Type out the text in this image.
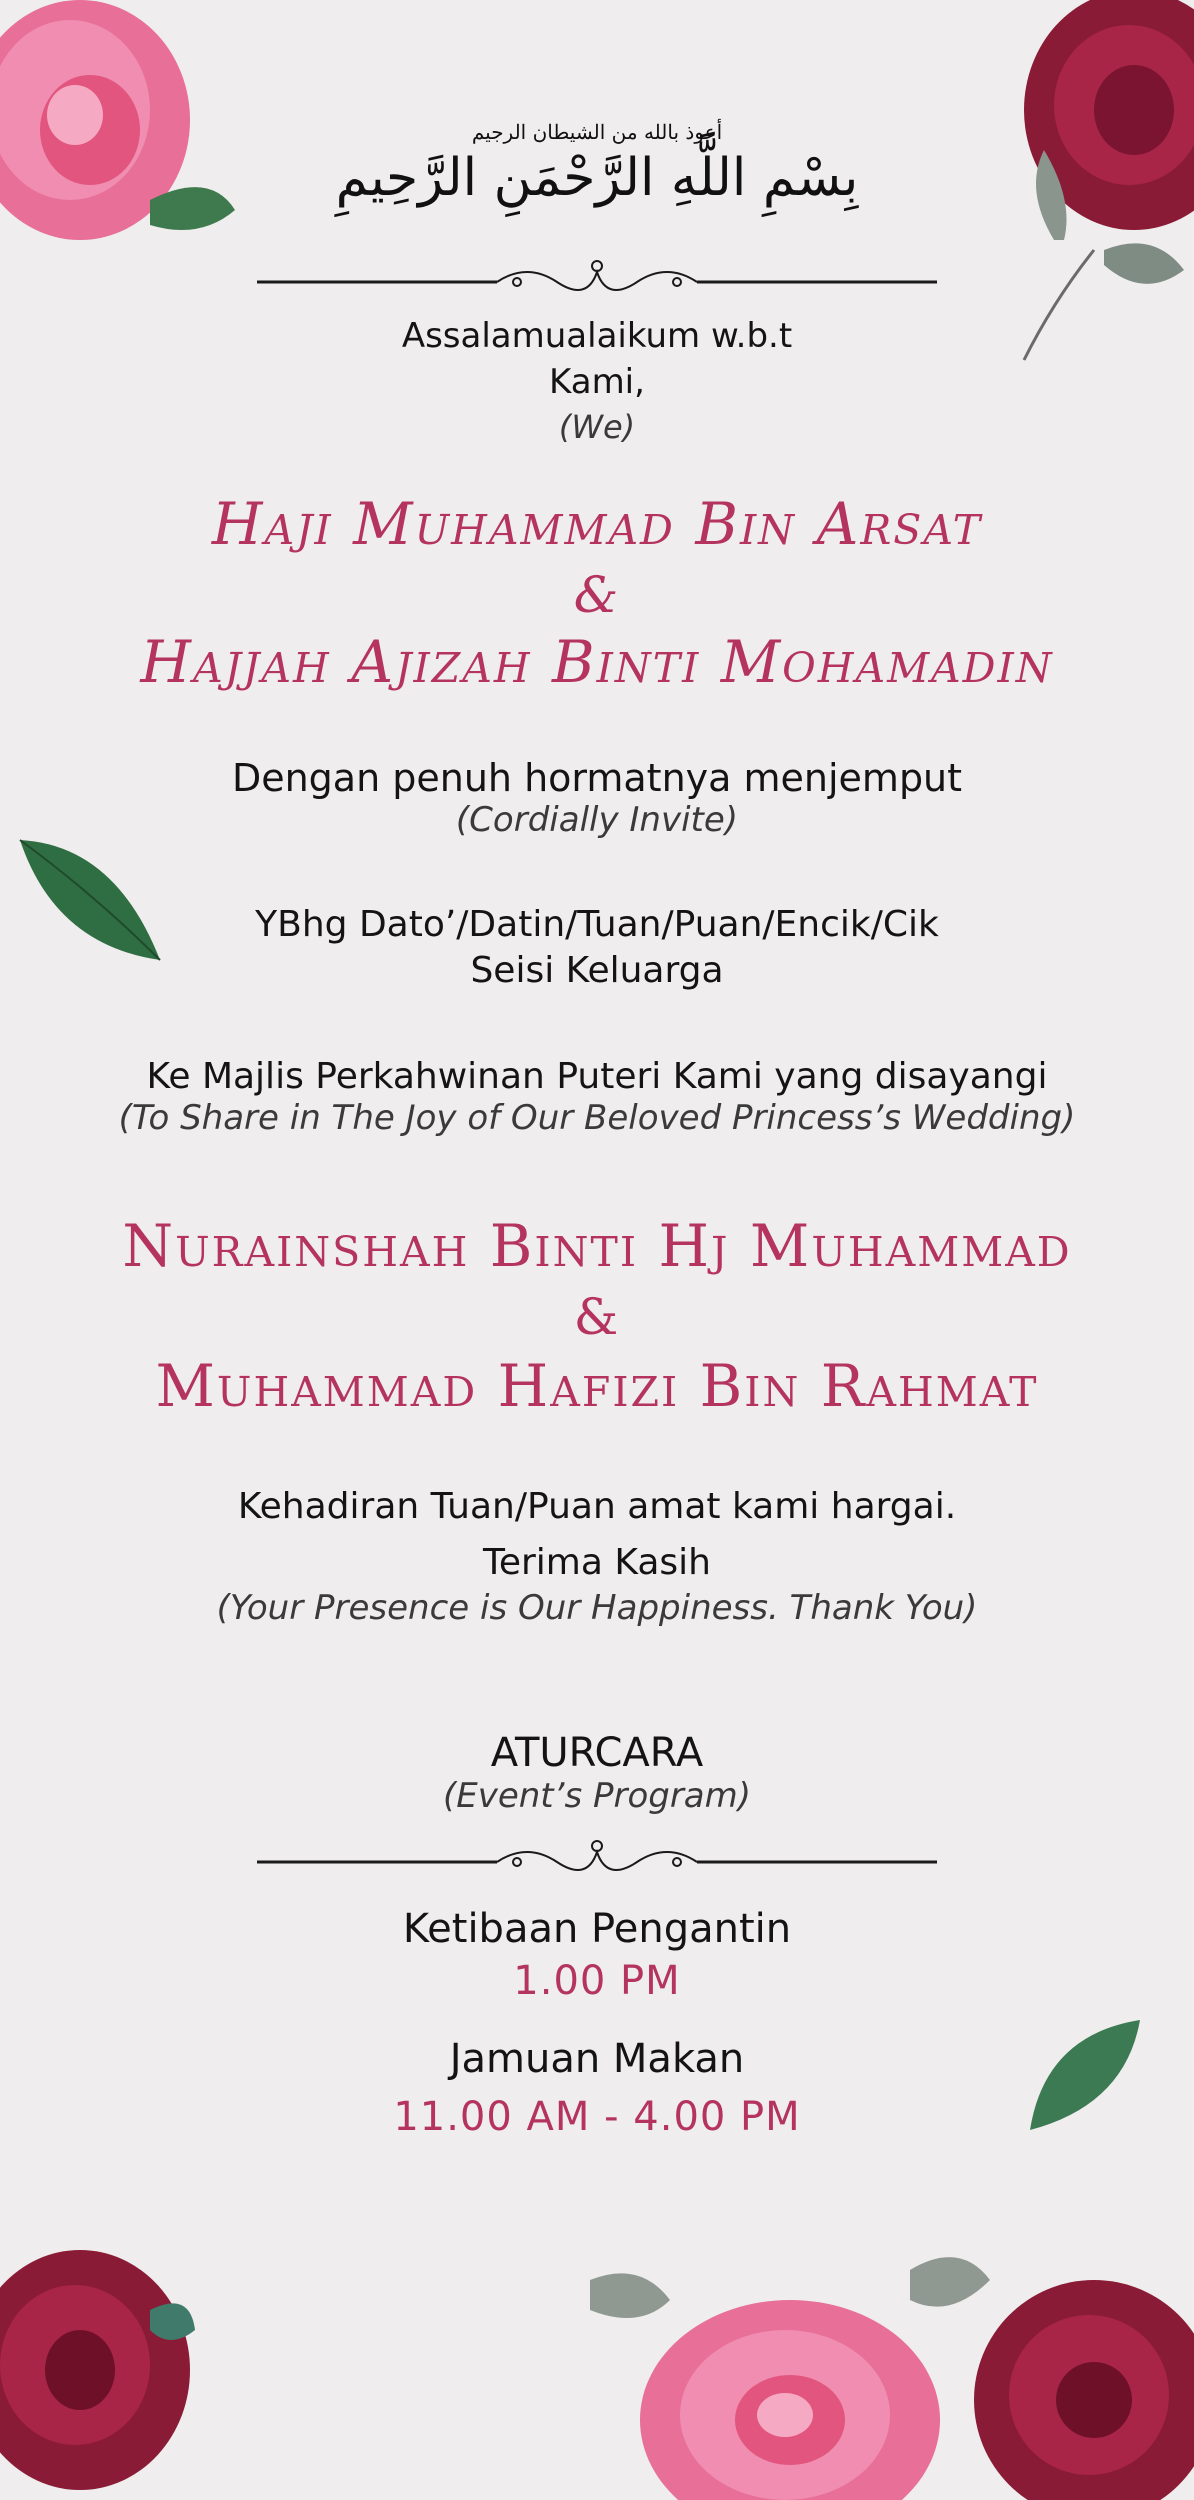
أعوذ بالله من الشيطان الرجيم
بِسْمِ اللَّهِ الرَّحْمَنِ الرَّحِيمِ
Assalamualaikum w.b.t
Kami,
(We)
Haji Muhammad Bin Arsat
&
Hajjah Ajizah Binti Mohamadin
Dengan penuh hormatnya menjemput
(Cordially Invite)
YBhg Dato’/Datin/Tuan/Puan/Encik/Cik
Seisi Keluarga
Ke Majlis Perkahwinan Puteri Kami yang disayangi
(To Share in The Joy of Our Beloved Princess’s Wedding)
Nurainshah Binti Hj Muhammad
&
Muhammad Hafizi Bin Rahmat
Kehadiran Tuan/Puan amat kami hargai.
Terima Kasih
(Your Presence is Our Happiness. Thank You)
ATURCARA
(Event’s Program)
Ketibaan Pengantin
1.00 PM
Jamuan Makan
11.00 AM - 4.00 PM
